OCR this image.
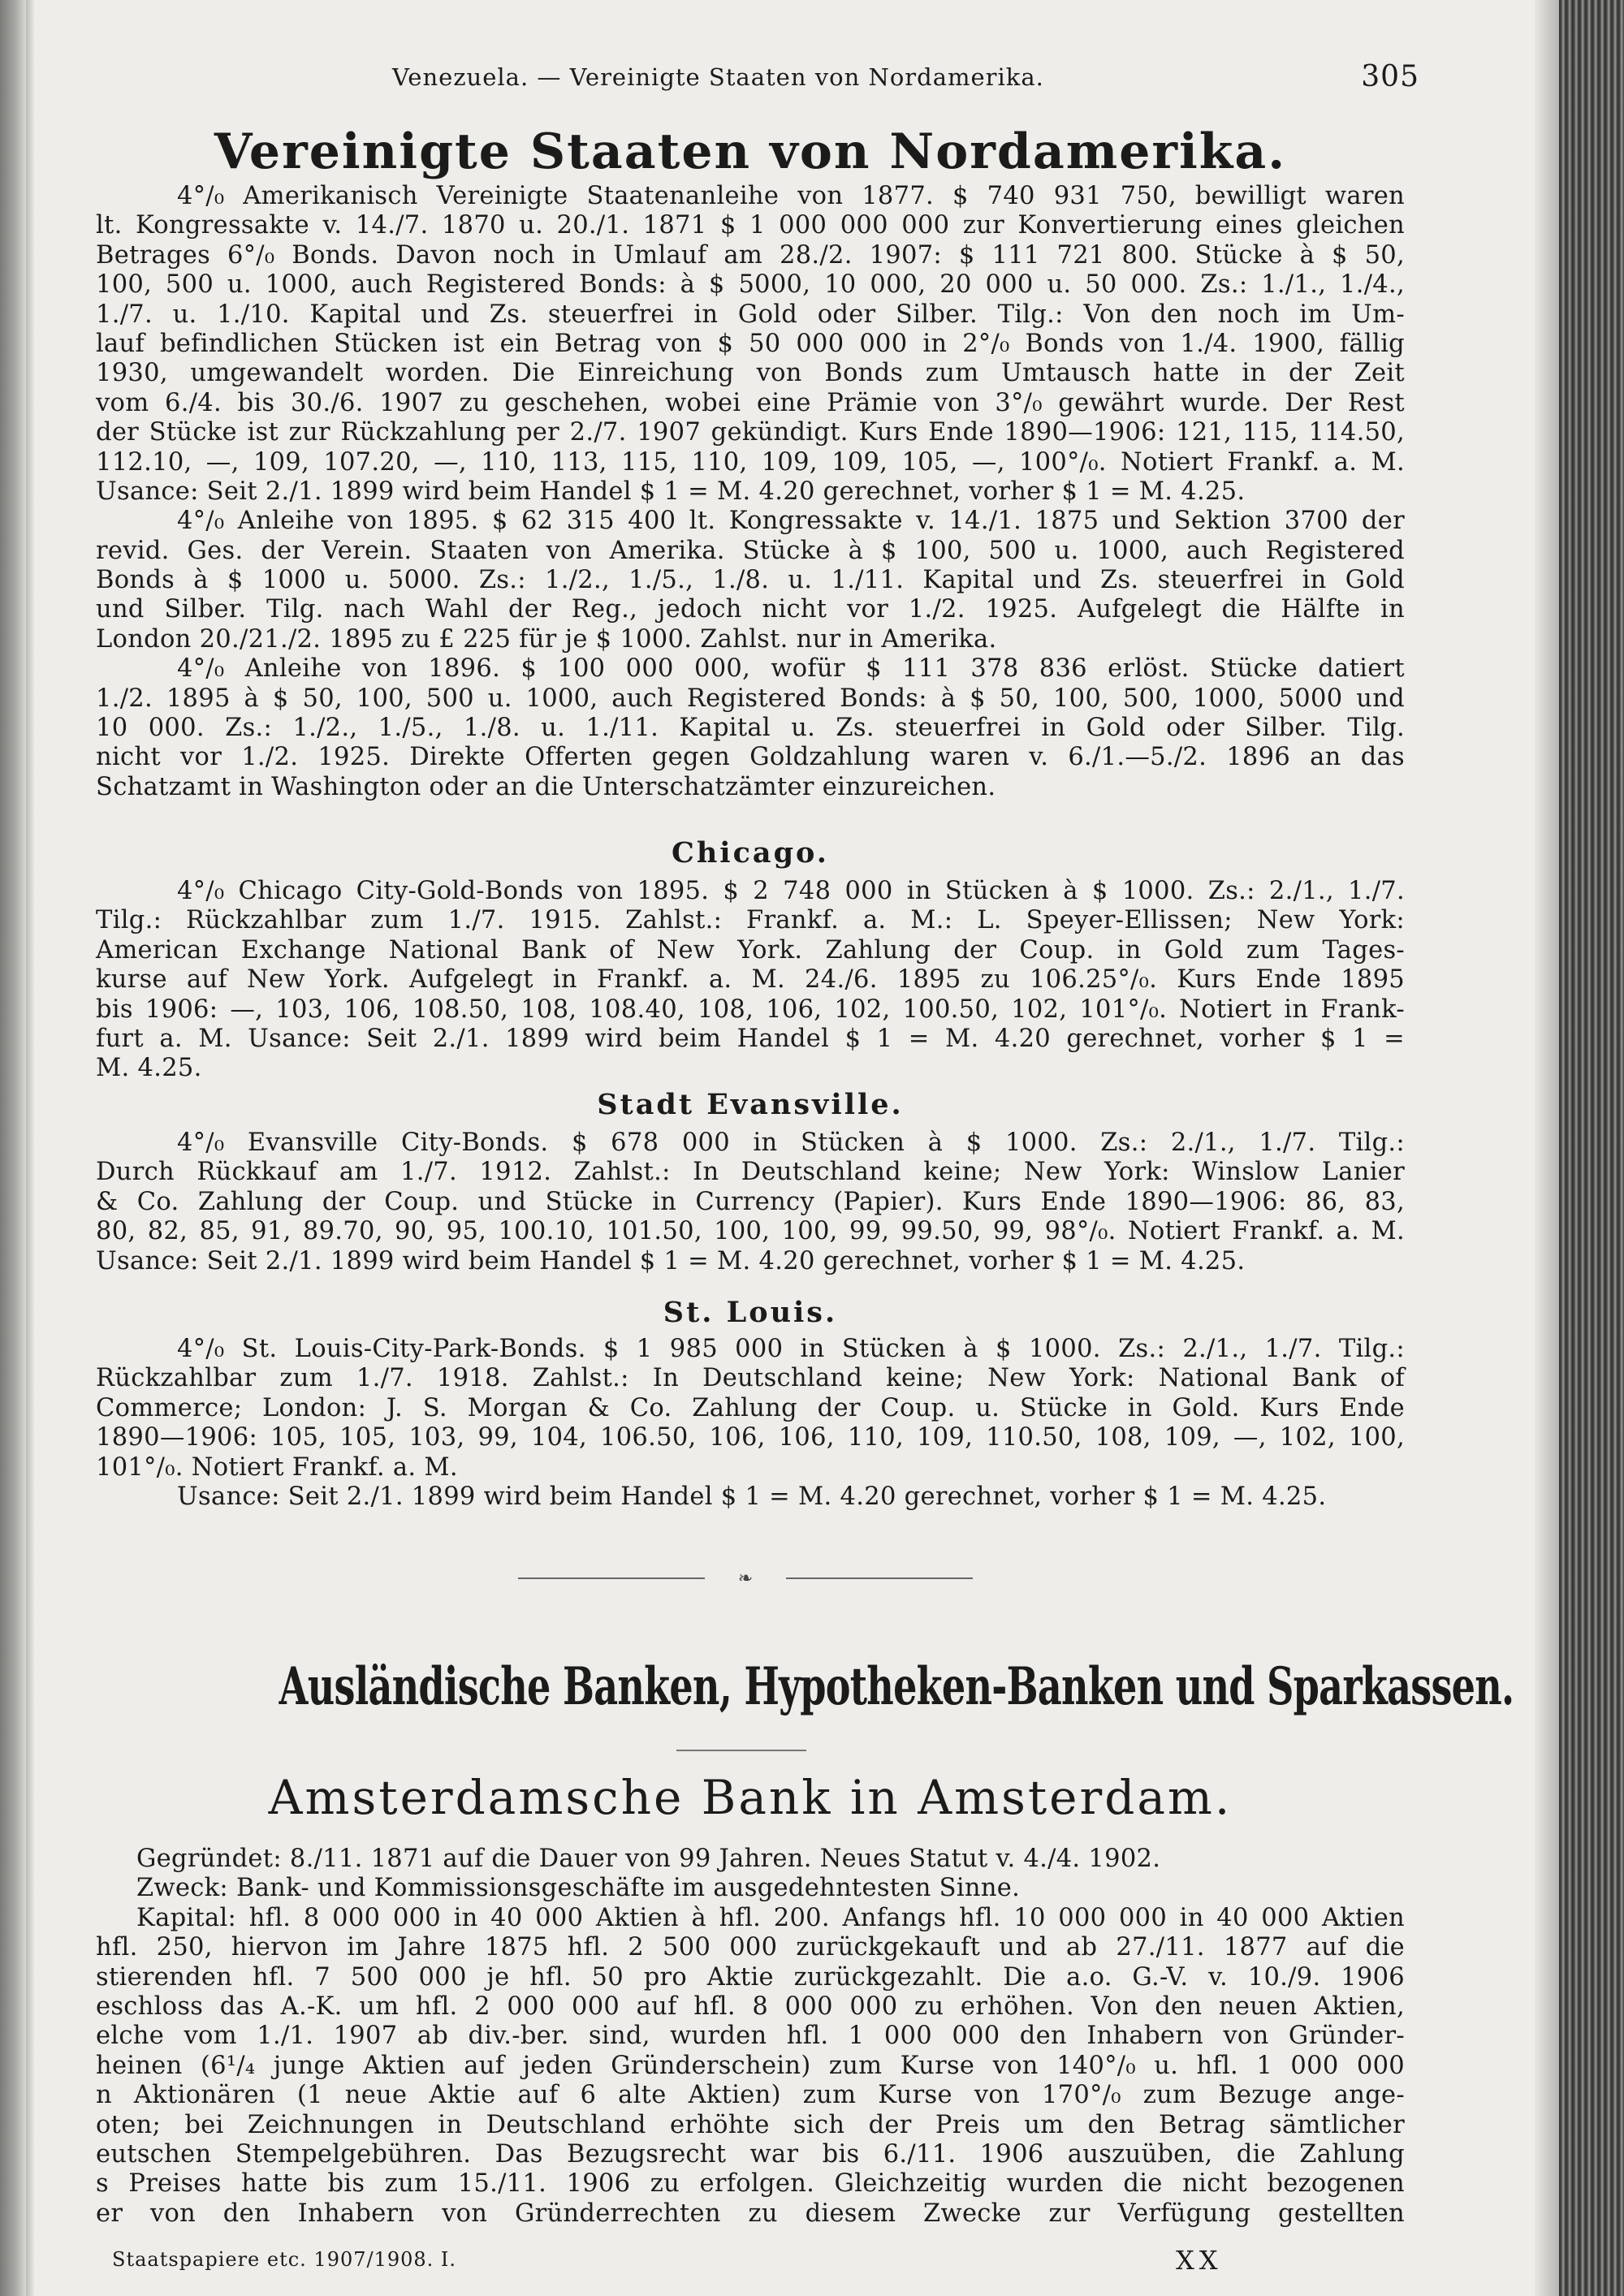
Venezuela. — Vereinigte Staaten von Nordamerika.	305
Vereinigte Staaten von Nordamerika.
4°/₀ Amerikanisch Vereinigte Staatenanleihe von 1877. $ 740 931 750, bewilligt waren
lt. Kongressakte v. 14./7. 1870 u. 20./1. 1871 $ 1 000 000 000 zur Konvertierung eines gleichen
Betrages 6°/₀ Bonds. Davon noch in Umlauf am 28./2. 1907: $ 111 721 800. Stücke à $ 50,
100, 500 u. 1000, auch Registered Bonds: à $ 5000, 10 000, 20 000 u. 50 000. Zs.: 1./1., 1./4.,
1./7. u. 1./10. Kapital und Zs. steuerfrei in Gold oder Silber. Tilg.: Von den noch im Um-
lauf befindlichen Stücken ist ein Betrag von $ 50 000 000 in 2°/₀ Bonds von 1./4. 1900, fällig
1930, umgewandelt worden. Die Einreichung von Bonds zum Umtausch hatte in der Zeit
vom 6./4. bis 30./6. 1907 zu geschehen, wobei eine Prämie von 3°/₀ gewährt wurde. Der Rest
der Stücke ist zur Rückzahlung per 2./7. 1907 gekündigt. Kurs Ende 1890—1906: 121, 115, 114.50,
112.10, —, 109, 107.20, —, 110, 113, 115, 110, 109, 109, 105, —, 100°/₀. Notiert Frankf. a. M.
Usance: Seit 2./1. 1899 wird beim Handel $ 1 = M. 4.20 gerechnet, vorher $ 1 = M. 4.25.
4°/₀ Anleihe von 1895. $ 62 315 400 lt. Kongressakte v. 14./1. 1875 und Sektion 3700 der
revid. Ges. der Verein. Staaten von Amerika. Stücke à $ 100, 500 u. 1000, auch Registered
Bonds à $ 1000 u. 5000. Zs.: 1./2., 1./5., 1./8. u. 1./11. Kapital und Zs. steuerfrei in Gold
und Silber. Tilg. nach Wahl der Reg., jedoch nicht vor 1./2. 1925. Aufgelegt die Hälfte in
London 20./21./2. 1895 zu £ 225 für je $ 1000. Zahlst. nur in Amerika.
4°/₀ Anleihe von 1896. $ 100 000 000, wofür $ 111 378 836 erlöst. Stücke datiert
1./2. 1895 à $ 50, 100, 500 u. 1000, auch Registered Bonds: à $ 50, 100, 500, 1000, 5000 und
10 000. Zs.: 1./2., 1./5., 1./8. u. 1./11. Kapital u. Zs. steuerfrei in Gold oder Silber. Tilg.
nicht vor 1./2. 1925. Direkte Offerten gegen Goldzahlung waren v. 6./1.—5./2. 1896 an das
Schatzamt in Washington oder an die Unterschatzämter einzureichen.
Chicago.
4°/₀ Chicago City-Gold-Bonds von 1895. $ 2 748 000 in Stücken à $ 1000. Zs.: 2./1., 1./7.
Tilg.: Rückzahlbar zum 1./7. 1915. Zahlst.: Frankf. a. M.: L. Speyer-Ellissen; New York:
American Exchange National Bank of New York. Zahlung der Coup. in Gold zum Tages-
kurse auf New York. Aufgelegt in Frankf. a. M. 24./6. 1895 zu 106.25°/₀. Kurs Ende 1895
bis 1906: —, 103, 106, 108.50, 108, 108.40, 108, 106, 102, 100.50, 102, 101°/₀. Notiert in Frank-
furt a. M. Usance: Seit 2./1. 1899 wird beim Handel $ 1 = M. 4.20 gerechnet, vorher $ 1 =
M. 4.25.
Stadt Evansville.
4°/₀ Evansville City-Bonds. $ 678 000 in Stücken à $ 1000. Zs.: 2./1., 1./7. Tilg.:
Durch Rückkauf am 1./7. 1912. Zahlst.: In Deutschland keine; New York: Winslow Lanier
& Co. Zahlung der Coup. und Stücke in Currency (Papier). Kurs Ende 1890—1906: 86, 83,
80, 82, 85, 91, 89.70, 90, 95, 100.10, 101.50, 100, 100, 99, 99.50, 99, 98°/₀. Notiert Frankf. a. M.
Usance: Seit 2./1. 1899 wird beim Handel $ 1 = M. 4.20 gerechnet, vorher $ 1 = M. 4.25.
St. Louis.
4°/₀ St. Louis-City-Park-Bonds. $ 1 985 000 in Stücken à $ 1000. Zs.: 2./1., 1./7. Tilg.:
Rückzahlbar zum 1./7. 1918. Zahlst.: In Deutschland keine; New York: National Bank of
Commerce; London: J. S. Morgan & Co. Zahlung der Coup. u. Stücke in Gold. Kurs Ende
1890—1906: 105, 105, 103, 99, 104, 106.50, 106, 106, 110, 109, 110.50, 108, 109, —, 102, 100,
101°/₀. Notiert Frankf. a. M.
Usance: Seit 2./1. 1899 wird beim Handel $ 1 = M. 4.20 gerechnet, vorher $ 1 = M. 4.25.
❧
Ausländische Banken, Hypotheken-Banken und Sparkassen.
Amsterdamsche Bank in Amsterdam.
Gegründet: 8./11. 1871 auf die Dauer von 99 Jahren. Neues Statut v. 4./4. 1902.
Zweck: Bank- und Kommissionsgeschäfte im ausgedehntesten Sinne.
Kapital: hfl. 8 000 000 in 40 000 Aktien à hfl. 200. Anfangs hfl. 10 000 000 in 40 000 Aktien
hfl. 250, hiervon im Jahre 1875 hfl. 2 500 000 zurückgekauft und ab 27./11. 1877 auf die
stierenden hfl. 7 500 000 je hfl. 50 pro Aktie zurückgezahlt. Die a.o. G.-V. v. 10./9. 1906
eschloss das A.-K. um hfl. 2 000 000 auf hfl. 8 000 000 zu erhöhen. Von den neuen Aktien,
elche vom 1./1. 1907 ab div.-ber. sind, wurden hfl. 1 000 000 den Inhabern von Gründer-
heinen (6¹/₄ junge Aktien auf jeden Gründerschein) zum Kurse von 140°/₀ u. hfl. 1 000 000
n Aktionären (1 neue Aktie auf 6 alte Aktien) zum Kurse von 170°/₀ zum Bezuge ange-
oten; bei Zeichnungen in Deutschland erhöhte sich der Preis um den Betrag sämtlicher
eutschen Stempelgebühren. Das Bezugsrecht war bis 6./11. 1906 auszuüben, die Zahlung
s Preises hatte bis zum 15./11. 1906 zu erfolgen. Gleichzeitig wurden die nicht bezogenen
er von den Inhabern von Gründerrechten zu diesem Zwecke zur Verfügung gestellten
Staatspapiere etc. 1907/1908. I.	XX
